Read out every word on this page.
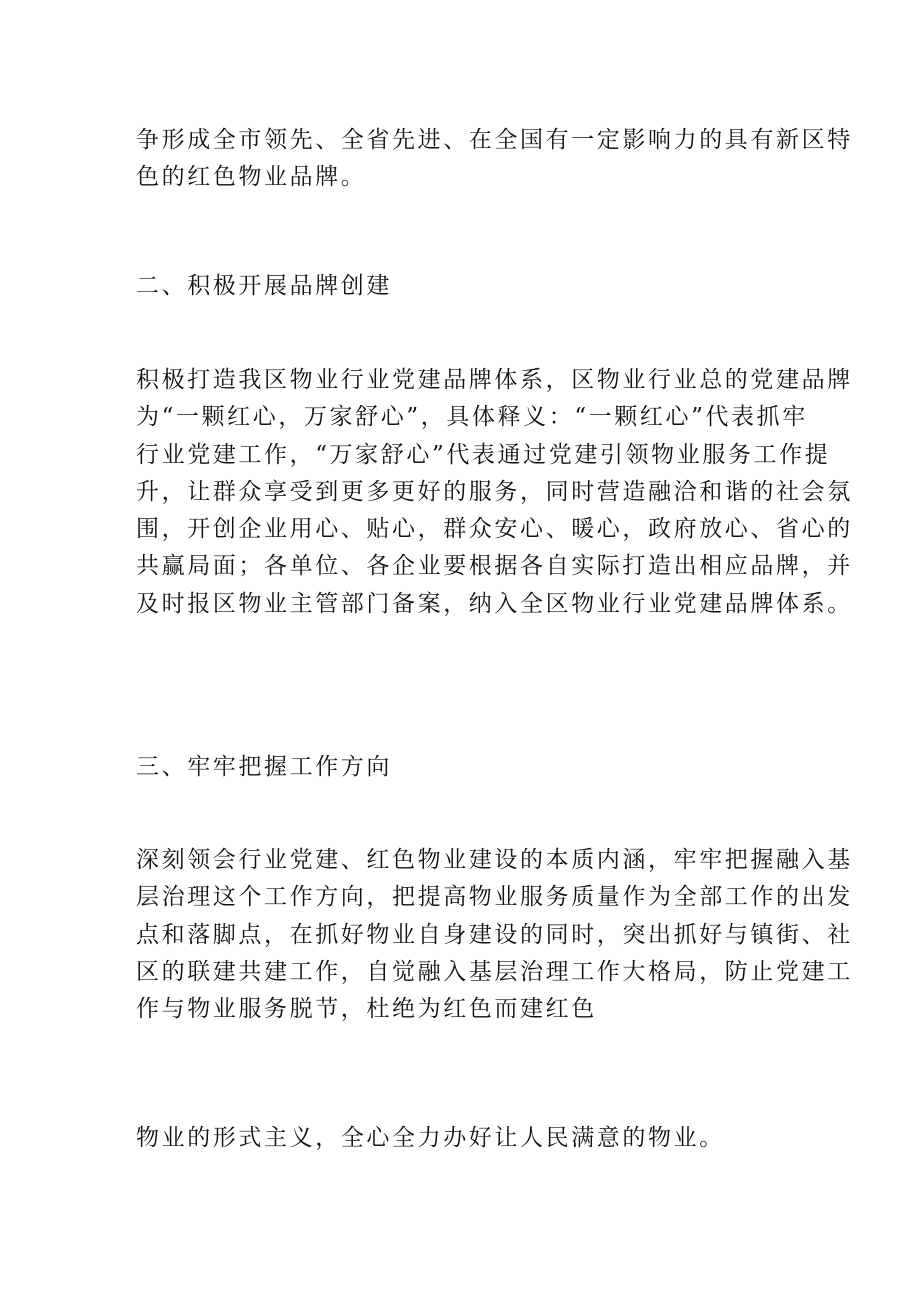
争形成全市领先、全省先进、在全国有一定影响力的具有新区特
色的红色物业品牌。
二、积极开展品牌创建
积极打造我区物业行业党建品牌体系，区物业行业总的党建品牌
为“一颗红心，万家舒心”，具体释义：“一颗红心”代表抓牢
行业党建工作，“万家舒心”代表通过党建引领物业服务工作提
升，让群众享受到更多更好的服务，同时营造融洽和谐的社会氛
围，开创企业用心、贴心，群众安心、暖心，政府放心、省心的
共赢局面；各单位、各企业要根据各自实际打造出相应品牌，并
及时报区物业主管部门备案，纳入全区物业行业党建品牌体系。
三、牢牢把握工作方向
深刻领会行业党建、红色物业建设的本质内涵，牢牢把握融入基
层治理这个工作方向，把提高物业服务质量作为全部工作的出发
点和落脚点，在抓好物业自身建设的同时，突出抓好与镇街、社
区的联建共建工作，自觉融入基层治理工作大格局，防止党建工
作与物业服务脱节，杜绝为红色而建红色
物业的形式主义，全心全力办好让人民满意的物业。
